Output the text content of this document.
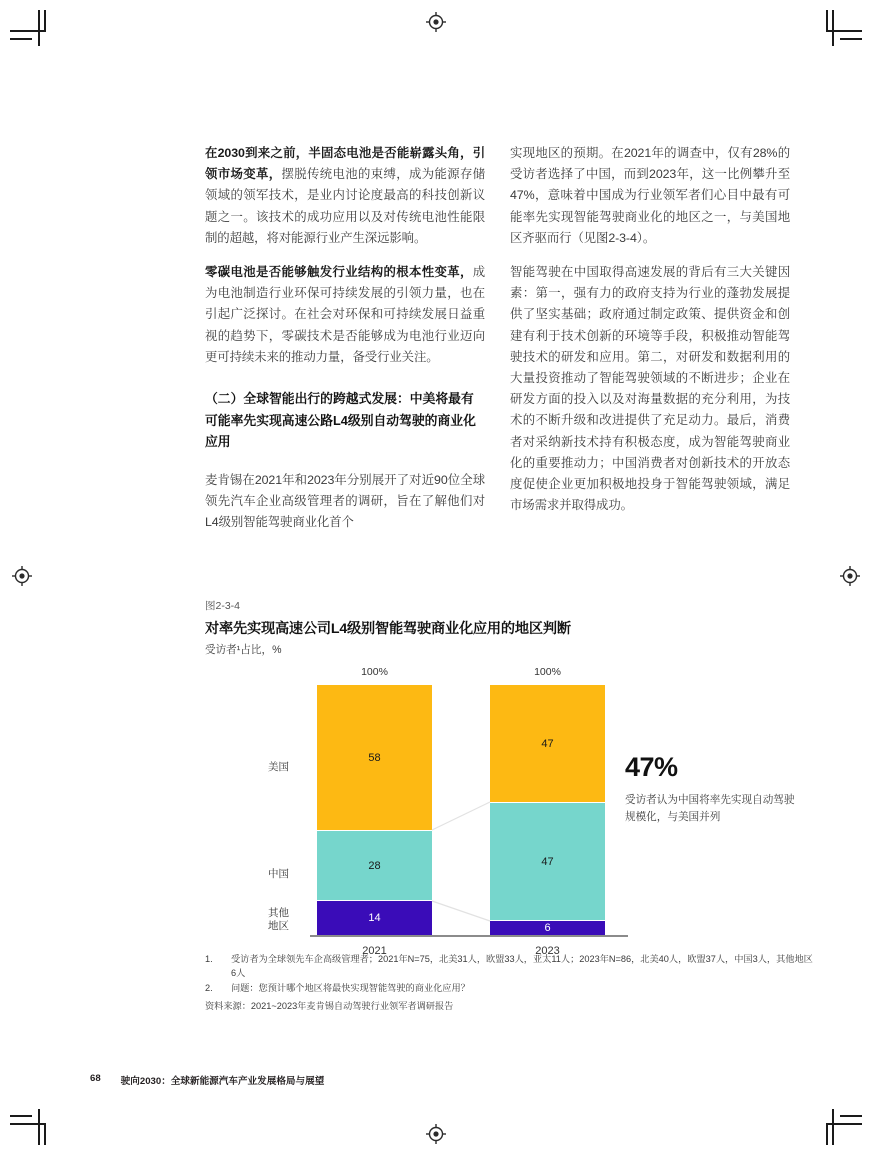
在2030到来之前，半固态电池是否能崭露头角，引领市场变革，摆脱传统电池的束缚，成为能源存储领域的领军技术，是业内讨论度最高的科技创新议题之一。该技术的成功应用以及对传统电池性能限制的超越，将对能源行业产生深远影响。

零碳电池是否能够触发行业结构的根本性变革，成为电池制造行业环保可持续发展的引领力量，也在引起广泛探讨。在社会对环保和可持续发展日益重视的趋势下，零碳技术是否能够成为电池行业迈向更可持续未来的推动力量，备受行业关注。

（二）全球智能出行的跨越式发展：中美将最有可能率先实现高速公路L4级别自动驾驶的商业化应用

麦肯锡在2021年和2023年分别展开了对近90位全球领先汽车企业高级管理者的调研，旨在了解他们对L4级别智能驾驶商业化首个

实现地区的预期。在2021年的调查中，仅有28%的受访者选择了中国，而到2023年，这一比例攀升至47%，意味着中国成为行业领军者们心目中最有可能率先实现智能驾驶商业化的地区之一，与美国地区齐驱而行（见图2-3-4）。

智能驾驶在中国取得高速发展的背后有三大关键因素：第一，强有力的政府支持为行业的蓬勃发展提供了坚实基础；政府通过制定政策、提供资金和创建有利于技术创新的环境等手段，积极推动智能驾驶技术的研发和应用。第二，对研发和数据利用的大量投资推动了智能驾驶领域的不断进步；企业在研发方面的投入以及对海量数据的充分利用，为技术的不断升级和改进提供了充足动力。最后，消费者对采纳新技术持有积极态度，成为智能驾驶商业化的重要推动力；中国消费者对创新技术的开放态度促使企业更加积极地投身于智能驾驶领域，满足市场需求并取得成功。

图2-3-4
对率先实现高速公司L4级别智能驾驶商业化应用的地区判断
受访者¹占比，%
美国
中国
其他
地区
100%
58
28
14
2021
100%
47
47
6
2023
47%
受访者认为中国将率先实现自动驾驶规模化，与美国并列
1.	受访者为全球领先车企高级管理者；2021年N=75，北美31人，欧盟33人，亚太11人；2023年N=86，北美40人，欧盟37人，中国3人，其他地区6人
2.	问题：您预计哪个地区将最快实现智能驾驶的商业化应用？
资料来源：2021~2023年麦肯锡自动驾驶行业领军者调研报告
68 驶向2030：全球新能源汽车产业发展格局与展望
